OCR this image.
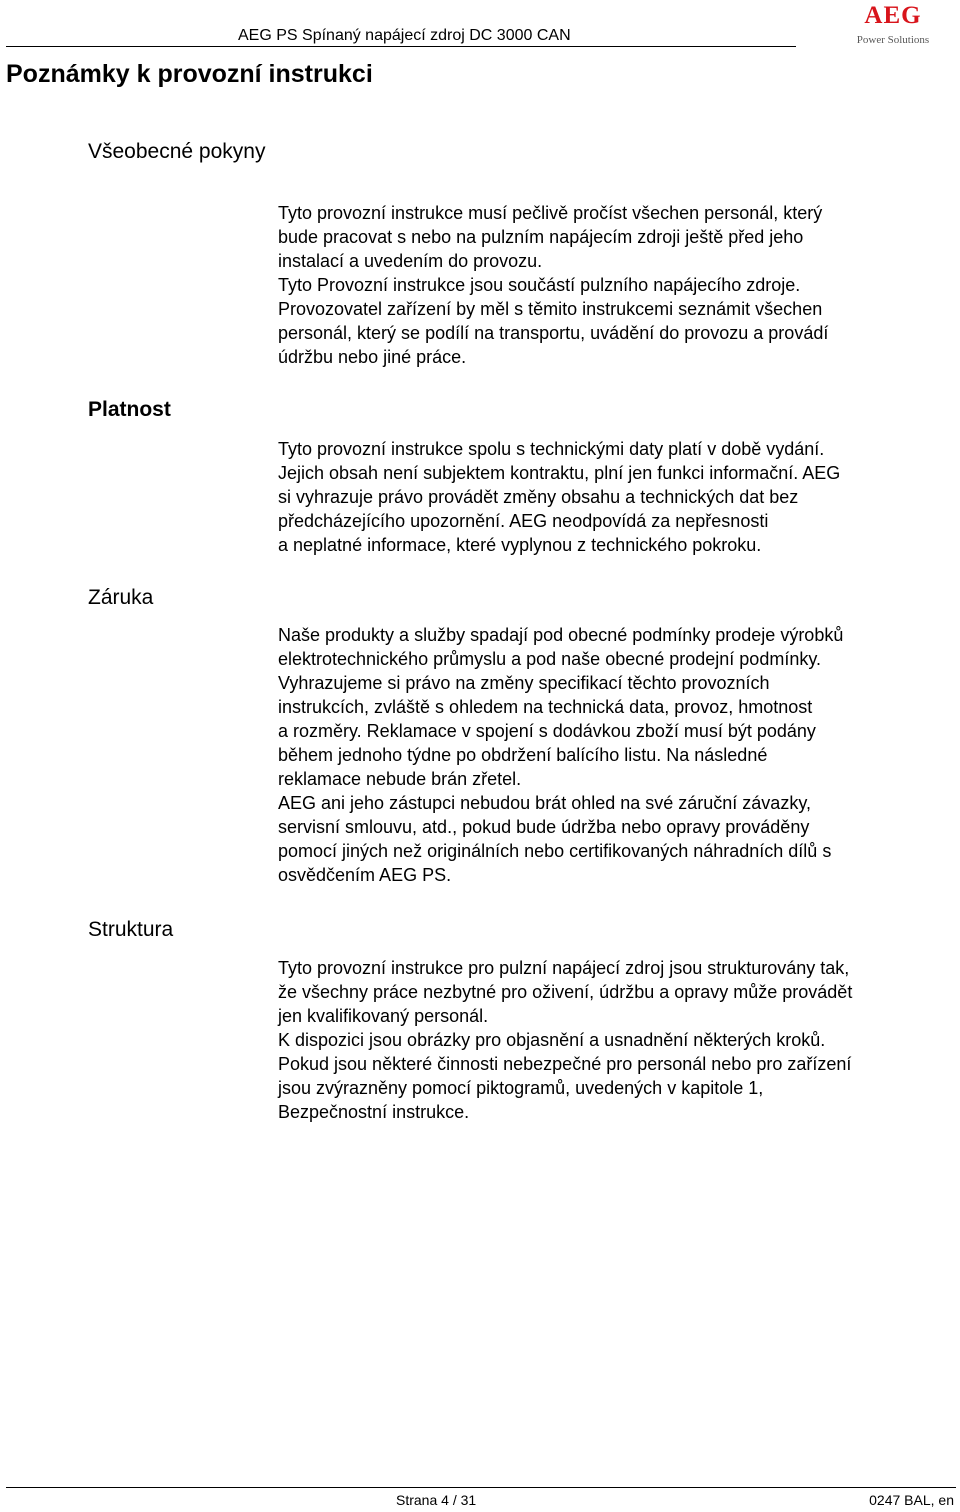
AEG PS Spínaný napájecí zdroj DC 3000 CAN
AEG
Power Solutions
Poznámky k provozní instrukci
Všeobecné pokyny
Tyto provozní instrukce musí pečlivě pročíst všechen personál, který
bude pracovat s nebo na pulzním napájecím zdroji ještě před jeho
instalací a uvedením do provozu.
Tyto Provozní instrukce jsou součástí pulzního napájecího zdroje.
Provozovatel zařízení by měl s těmito instrukcemi seznámit všechen
personál, který se podílí na transportu, uvádění do provozu a provádí
údržbu nebo jiné práce.
Platnost
Tyto provozní instrukce spolu s technickými daty platí v době vydání.
Jejich obsah není subjektem kontraktu, plní jen funkci informační. AEG
si vyhrazuje právo provádět změny obsahu a technických dat bez
předcházejícího upozornění. AEG neodpovídá za nepřesnosti
a neplatné informace, které vyplynou z technického pokroku.
Záruka
Naše produkty a služby spadají pod obecné podmínky prodeje výrobků
elektrotechnického průmyslu a pod naše obecné prodejní podmínky.
Vyhrazujeme si právo na změny specifikací těchto provozních
instrukcích, zvláště s ohledem na technická data, provoz, hmotnost
a rozměry. Reklamace v spojení s dodávkou zboží musí být podány
během jednoho týdne po obdržení balícího listu. Na následné
reklamace nebude brán zřetel.
AEG ani jeho zástupci nebudou brát ohled na své záruční závazky,
servisní smlouvu, atd., pokud bude údržba nebo opravy prováděny
pomocí jiných než originálních nebo certifikovaných náhradních dílů s
osvědčením AEG PS.
Struktura
Tyto provozní instrukce pro pulzní napájecí zdroj jsou strukturovány tak,
že všechny práce nezbytné pro oživení, údržbu a opravy může provádět
jen kvalifikovaný personál.
K dispozici jsou obrázky pro objasnění a usnadnění některých kroků.
Pokud jsou některé činnosti nebezpečné pro personál nebo pro zařízení
jsou zvýrazněny pomocí piktogramů, uvedených v kapitole 1,
Bezpečnostní instrukce.
Strana 4 / 31	0247 BAL, en
